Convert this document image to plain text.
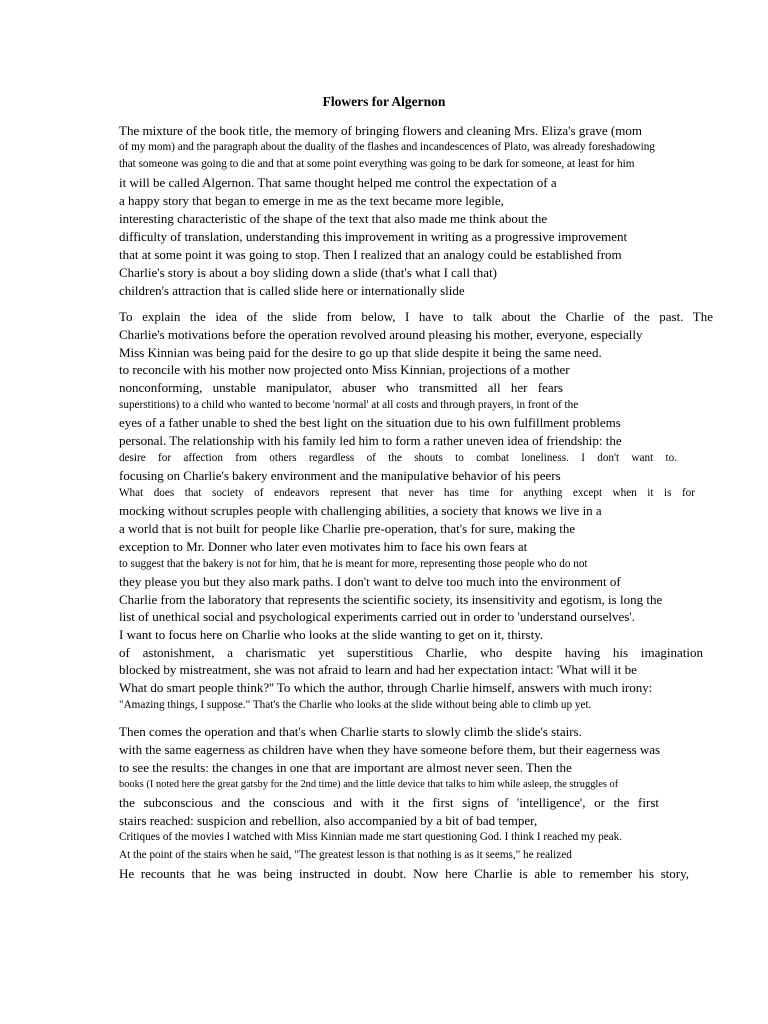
Flowers for Algernon
The mixture of the book title, the memory of bringing flowers and cleaning Mrs. Eliza's grave (mom
of my mom) and the paragraph about the duality of the flashes and incandescences of Plato, was already foreshadowing
that someone was going to die and that at some point everything was going to be dark for someone, at least for him
it will be called Algernon. That same thought helped me control the expectation of a
a happy story that began to emerge in me as the text became more legible,
interesting characteristic of the shape of the text that also made me think about the
difficulty of translation, understanding this improvement in writing as a progressive improvement
that at some point it was going to stop. Then I realized that an analogy could be established from
Charlie's story is about a boy sliding down a slide (that's what I call that)
children's attraction that is called slide here or internationally slide
To explain the idea of the slide from below, I have to talk about the Charlie of the past. The
Charlie's motivations before the operation revolved around pleasing his mother, everyone, especially
Miss Kinnian was being paid for the desire to go up that slide despite it being the same need.
to reconcile with his mother now projected onto Miss Kinnian, projections of a mother
nonconforming, unstable manipulator, abuser who transmitted all her fears
superstitions) to a child who wanted to become 'normal' at all costs and through prayers, in front of the
eyes of a father unable to shed the best light on the situation due to his own fulfillment problems
personal. The relationship with his family led him to form a rather uneven idea of friendship: the
desire for affection from others regardless of the shouts to combat loneliness. I don't want to.
focusing on Charlie's bakery environment and the manipulative behavior of his peers
What does that society of endeavors represent that never has time for anything except when it is for
mocking without scruples people with challenging abilities, a society that knows we live in a
a world that is not built for people like Charlie pre-operation, that's for sure, making the
exception to Mr. Donner who later even motivates him to face his own fears at
to suggest that the bakery is not for him, that he is meant for more, representing those people who do not
they please you but they also mark paths. I don't want to delve too much into the environment of
Charlie from the laboratory that represents the scientific society, its insensitivity and egotism, is long the
list of unethical social and psychological experiments carried out in order to 'understand ourselves'.
I want to focus here on Charlie who looks at the slide wanting to get on it, thirsty.
of astonishment, a charismatic yet superstitious Charlie, who despite having his imagination
blocked by mistreatment, she was not afraid to learn and had her expectation intact: 'What will it be
What do smart people think?'' To which the author, through Charlie himself, answers with much irony:
"Amazing things, I suppose." That's the Charlie who looks at the slide without being able to climb up yet.
Then comes the operation and that's when Charlie starts to slowly climb the slide's stairs.
with the same eagerness as children have when they have someone before them, but their eagerness was
to see the results: the changes in one that are important are almost never seen. Then the
books (I noted here the great gatsby for the 2nd time) and the little device that talks to him while asleep, the struggles of
the subconscious and the conscious and with it the first signs of 'intelligence', or the first
stairs reached: suspicion and rebellion, also accompanied by a bit of bad temper,
Critiques of the movies I watched with Miss Kinnian made me start questioning God. I think I reached my peak.
At the point of the stairs when he said, "The greatest lesson is that nothing is as it seems," he realized
He recounts that he was being instructed in doubt. Now here Charlie is able to remember his story,
